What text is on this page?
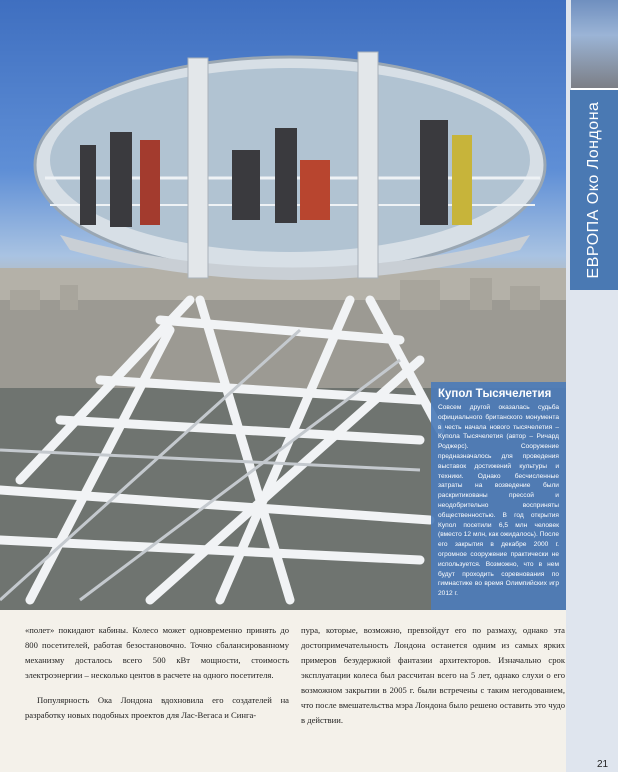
ЕВРОПА Око Лондона
Купол Тысячелетия
Совсем другой оказалась судьба официального британского монумента в честь начала нового тысячелетия – Купола Тысячелетия (автор – Ричард Роджерс). Сооружение предназначалось для проведения выставок достижений культуры и техники. Однако бесчисленные затраты на возведение были раскритикованы прессой и неодобрительно восприняты общественностью. В год открытия Купол посетили 6,5 млн человек (вместо 12 млн, как ожидалось). После его закрытия в декабре 2000 г. огромное сооружение практически не используется. Возможно, что в нем будут проходить соревнования по гимнастике во время Олимпийских игр 2012 г.

«полет» покидают кабины. Колесо может одновременно принять до 800 посетителей, работая безостановочно. Точно сбалансированному механизму досталось всего 500 кВт мощности, стоимость электроэнергии – несколько центов в расчете на одного посетителя.

Популярность Ока Лондона вдохновила его создателей на разработку новых подобных проектов для Лас-Вегаса и Синга-

пура, которые, возможно, превзойдут его по размаху, однако эта достопримечательность Лондона останется одним из самых ярких примеров безудержной фантазии архитекторов. Изначально срок эксплуатации колеса был рассчитан всего на 5 лет, однако слухи о его возможном закрытии в 2005 г. были встречены с таким негодованием, что после вмешательства мэра Лондона было решено оставить это чудо в действии.

21
